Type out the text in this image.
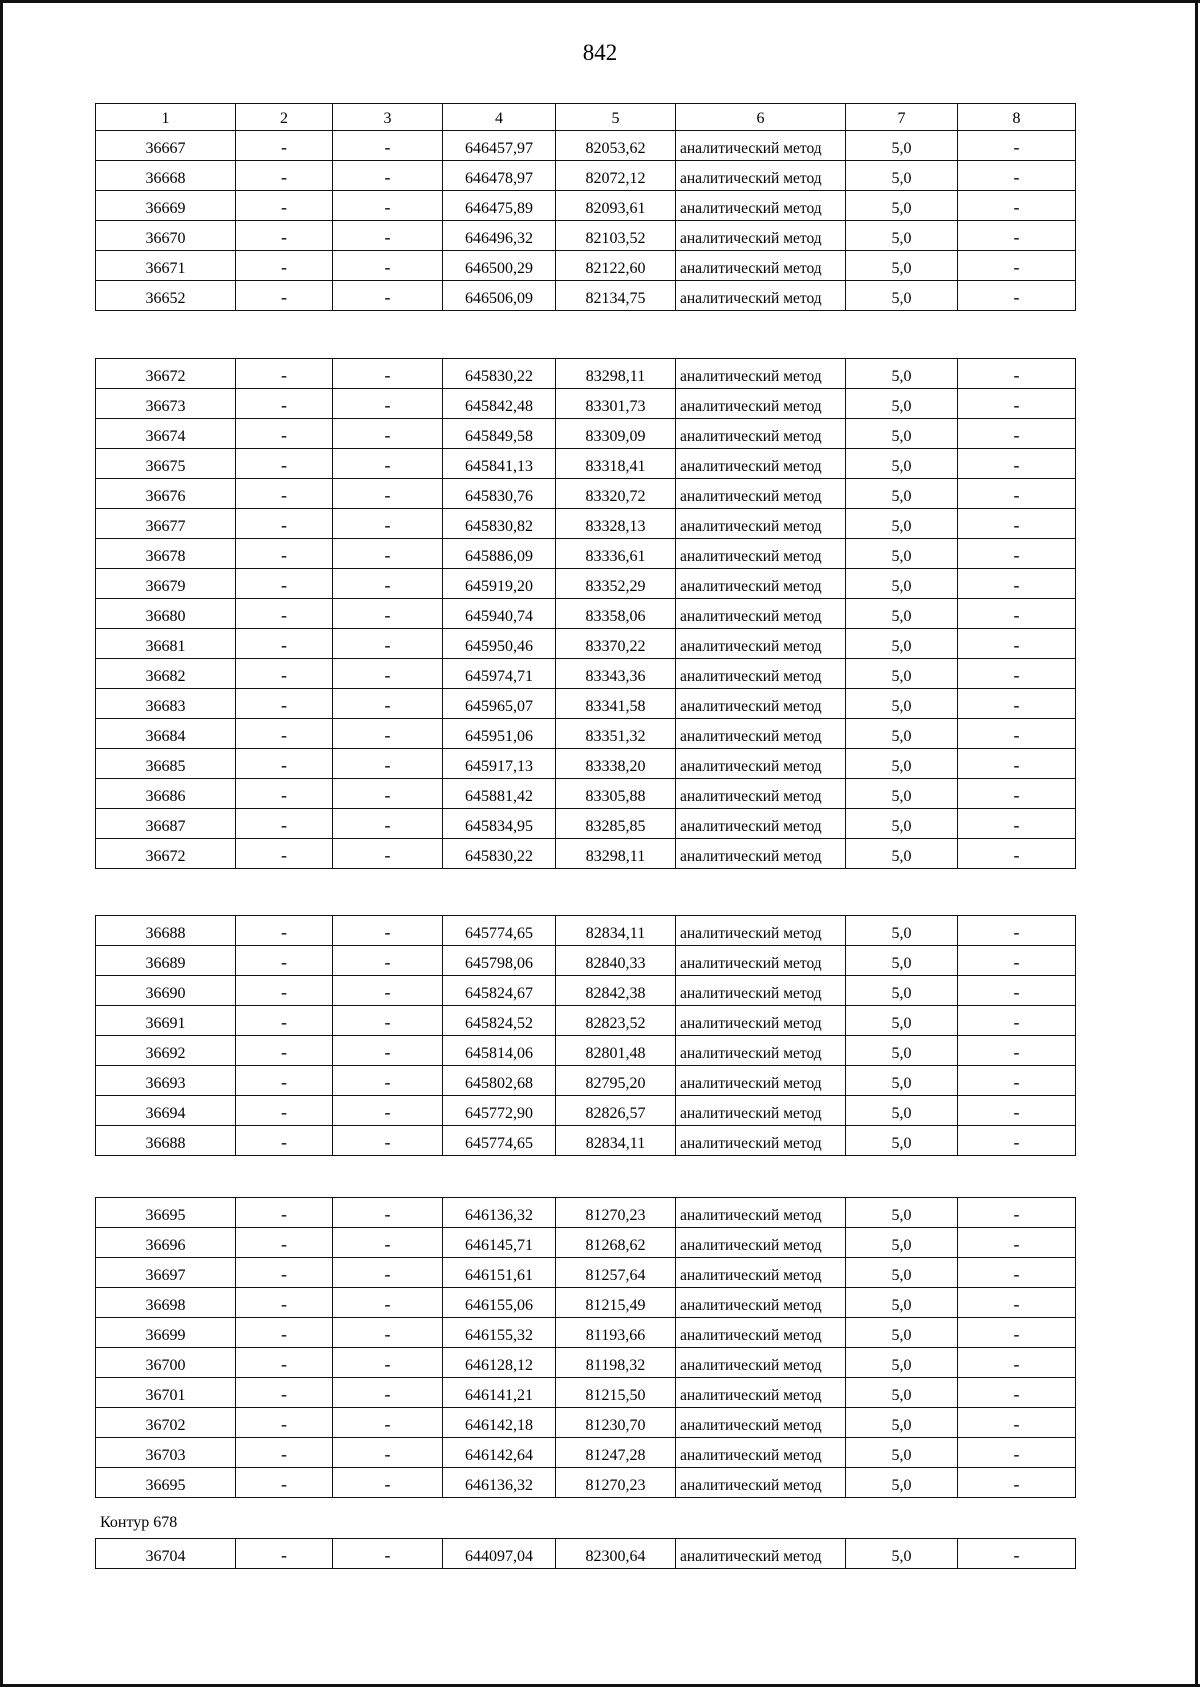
842
1	2	3	4	5	6	7	8
36667	-	-	646457,97	82053,62	аналитический метод	5,0	-
36668	-	-	646478,97	82072,12	аналитический метод	5,0	-
36669	-	-	646475,89	82093,61	аналитический метод	5,0	-
36670	-	-	646496,32	82103,52	аналитический метод	5,0	-
36671	-	-	646500,29	82122,60	аналитический метод	5,0	-
36652	-	-	646506,09	82134,75	аналитический метод	5,0	-
36672	-	-	645830,22	83298,11	аналитический метод	5,0	-
36673	-	-	645842,48	83301,73	аналитический метод	5,0	-
36674	-	-	645849,58	83309,09	аналитический метод	5,0	-
36675	-	-	645841,13	83318,41	аналитический метод	5,0	-
36676	-	-	645830,76	83320,72	аналитический метод	5,0	-
36677	-	-	645830,82	83328,13	аналитический метод	5,0	-
36678	-	-	645886,09	83336,61	аналитический метод	5,0	-
36679	-	-	645919,20	83352,29	аналитический метод	5,0	-
36680	-	-	645940,74	83358,06	аналитический метод	5,0	-
36681	-	-	645950,46	83370,22	аналитический метод	5,0	-
36682	-	-	645974,71	83343,36	аналитический метод	5,0	-
36683	-	-	645965,07	83341,58	аналитический метод	5,0	-
36684	-	-	645951,06	83351,32	аналитический метод	5,0	-
36685	-	-	645917,13	83338,20	аналитический метод	5,0	-
36686	-	-	645881,42	83305,88	аналитический метод	5,0	-
36687	-	-	645834,95	83285,85	аналитический метод	5,0	-
36672	-	-	645830,22	83298,11	аналитический метод	5,0	-
36688	-	-	645774,65	82834,11	аналитический метод	5,0	-
36689	-	-	645798,06	82840,33	аналитический метод	5,0	-
36690	-	-	645824,67	82842,38	аналитический метод	5,0	-
36691	-	-	645824,52	82823,52	аналитический метод	5,0	-
36692	-	-	645814,06	82801,48	аналитический метод	5,0	-
36693	-	-	645802,68	82795,20	аналитический метод	5,0	-
36694	-	-	645772,90	82826,57	аналитический метод	5,0	-
36688	-	-	645774,65	82834,11	аналитический метод	5,0	-
36695	-	-	646136,32	81270,23	аналитический метод	5,0	-
36696	-	-	646145,71	81268,62	аналитический метод	5,0	-
36697	-	-	646151,61	81257,64	аналитический метод	5,0	-
36698	-	-	646155,06	81215,49	аналитический метод	5,0	-
36699	-	-	646155,32	81193,66	аналитический метод	5,0	-
36700	-	-	646128,12	81198,32	аналитический метод	5,0	-
36701	-	-	646141,21	81215,50	аналитический метод	5,0	-
36702	-	-	646142,18	81230,70	аналитический метод	5,0	-
36703	-	-	646142,64	81247,28	аналитический метод	5,0	-
36695	-	-	646136,32	81270,23	аналитический метод	5,0	-
Контур 678
36704	-	-	644097,04	82300,64	аналитический метод	5,0	-
